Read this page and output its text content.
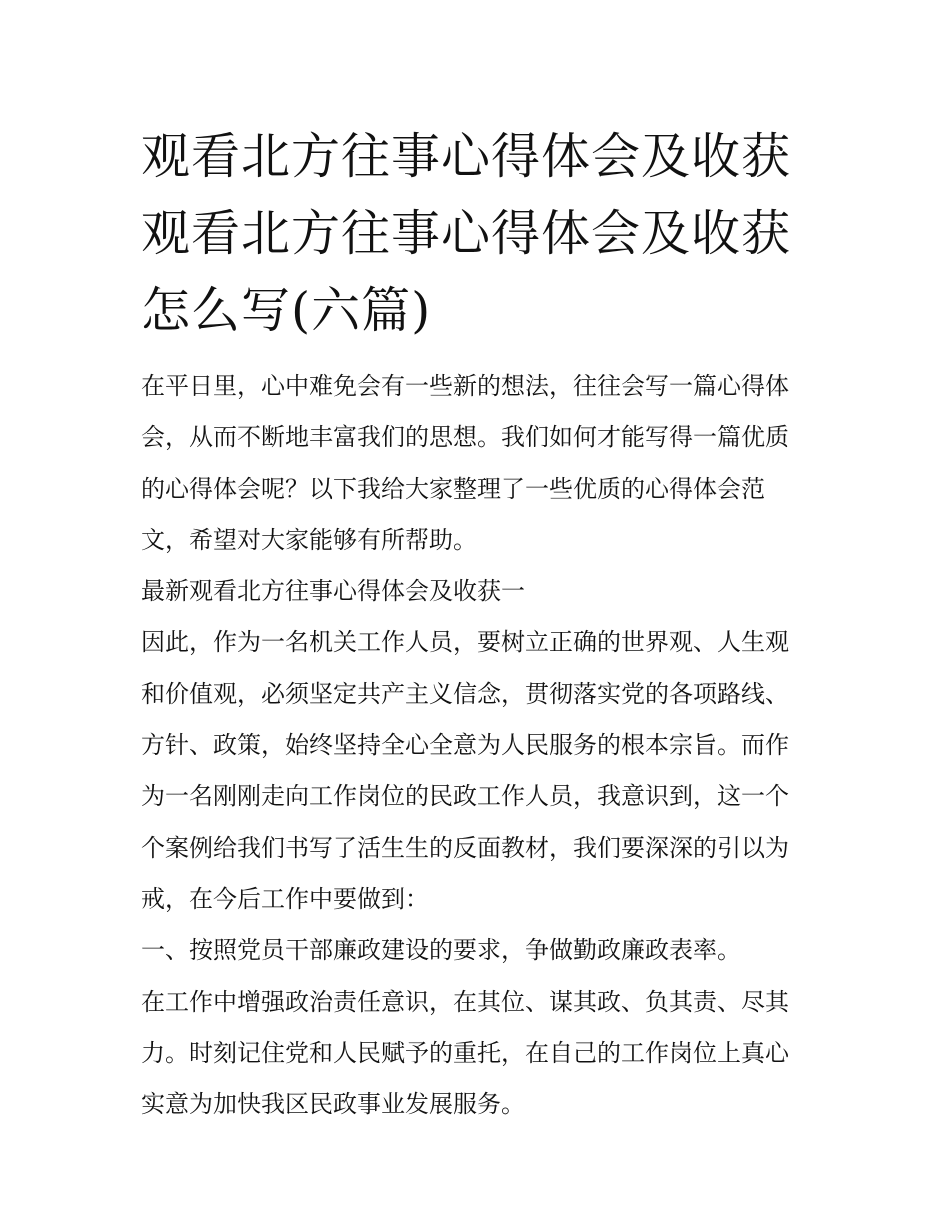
观看北方往事心得体会及收获
观看北方往事心得体会及收获
怎么写(六篇)
在平日里，心中难免会有一些新的想法，往往会写一篇心得体
会，从而不断地丰富我们的思想。我们如何才能写得一篇优质
的心得体会呢？以下我给大家整理了一些优质的心得体会范
文，希望对大家能够有所帮助。
最新观看北方往事心得体会及收获一
因此，作为一名机关工作人员，要树立正确的世界观、人生观
和价值观，必须坚定共产主义信念，贯彻落实党的各项路线、
方针、政策，始终坚持全心全意为人民服务的根本宗旨。而作
为一名刚刚走向工作岗位的民政工作人员，我意识到，这一个
个案例给我们书写了活生生的反面教材，我们要深深的引以为
戒，在今后工作中要做到：
一、按照党员干部廉政建设的要求，争做勤政廉政表率。
在工作中增强政治责任意识，在其位、谋其政、负其责、尽其
力。时刻记住党和人民赋予的重托，在自己的工作岗位上真心
实意为加快我区民政事业发展服务。
